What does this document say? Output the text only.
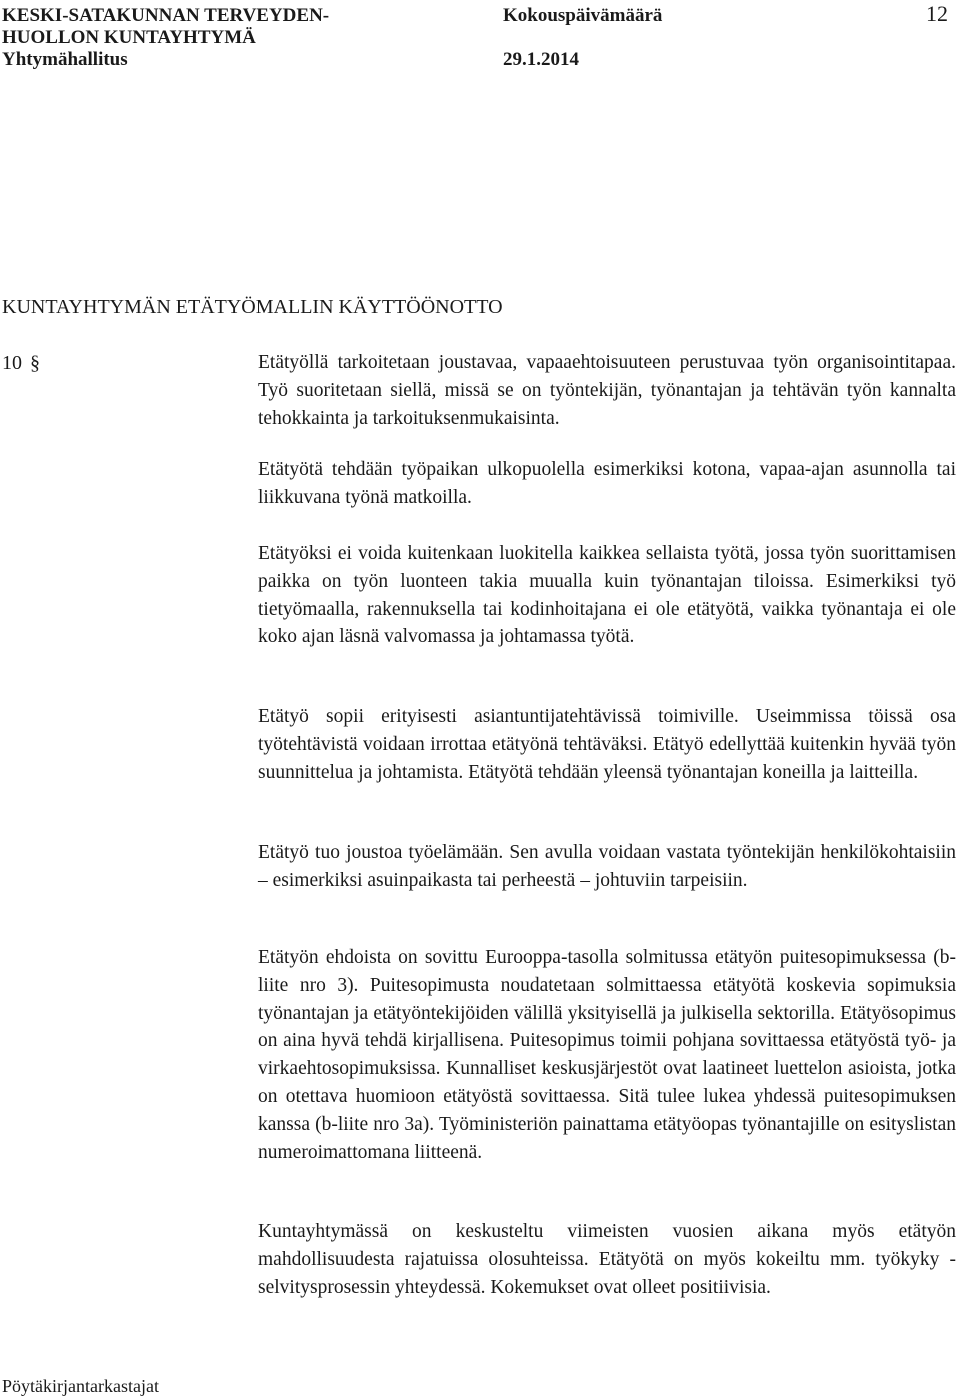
KESKI-SATAKUNNAN TERVEYDEN-
HUOLLON KUNTAYHTYMÄ
Yhtymähallitus
Kokouspäivämäärä
29.1.2014
12
KUNTAYHTYMÄN ETÄTYÖMALLIN KÄYTTÖÖNOTTO
10 §	Etätyöllä tarkoitetaan joustavaa, vapaaehtoisuuteen perustuvaa työn organisointitapaa. Työ suoritetaan siellä, missä se on työntekijän, työnantajan ja tehtävän työn kannalta tehokkainta ja tarkoituksenmukaisinta.

Etätyötä tehdään työpaikan ulkopuolella esimerkiksi kotona, vapaa-ajan asunnolla tai liikkuvana työnä matkoilla.

Etätyöksi ei voida kuitenkaan luokitella kaikkea sellaista työtä, jossa työn suorittamisen paikka on työn luonteen takia muualla kuin työnantajan tiloissa. Esimerkiksi työ tietyömaalla, rakennuksella tai kodinhoitajana ei ole etätyötä, vaikka työnantaja ei ole koko ajan läsnä valvomassa ja johtamassa työtä.

Etätyö sopii erityisesti asiantuntijatehtävissä toimiville. Useimmissa töissä osa työtehtävistä voidaan irrottaa etätyönä tehtäväksi. Etätyö edellyttää kuitenkin hyvää työn suunnittelua ja johtamista. Etätyötä tehdään yleensä työnantajan koneilla ja laitteilla.

Etätyö tuo joustoa työelämään. Sen avulla voidaan vastata työntekijän henkilökohtaisiin – esimerkiksi asuinpaikasta tai perheestä – johtuviin tarpeisiin.

Etätyön ehdoista on sovittu Eurooppa-tasolla solmitussa etätyön puitesopimuksessa (b-liite nro 3). Puitesopimusta noudatetaan solmittaessa etätyötä koskevia sopimuksia työnantajan ja etätyöntekijöiden välillä yksityisellä ja julkisella sektorilla. Etätyösopimus on aina hyvä tehdä kirjallisena. Puitesopimus toimii pohjana sovittaessa etätyöstä työ- ja virkaehtosopimuksissa. Kunnalliset keskusjärjestöt ovat laatineet luettelon asioista, jotka on otettava huomioon etätyöstä sovittaessa. Sitä tulee lukea yhdessä puitesopimuksen kanssa (b-liite nro 3a). Työministeriön painattama etätyöopas työnantajille on esityslistan numeroimattomana liitteenä.

Kuntayhtymässä on keskusteltu viimeisten vuosien aikana myös etätyön mahdollisuudesta rajatuissa olosuhteissa. Etätyötä on myös kokeiltu mm. työkyky -selvitysprosessin yhteydessä. Kokemukset ovat olleet positiivisia.

Pöytäkirjantarkastajat
